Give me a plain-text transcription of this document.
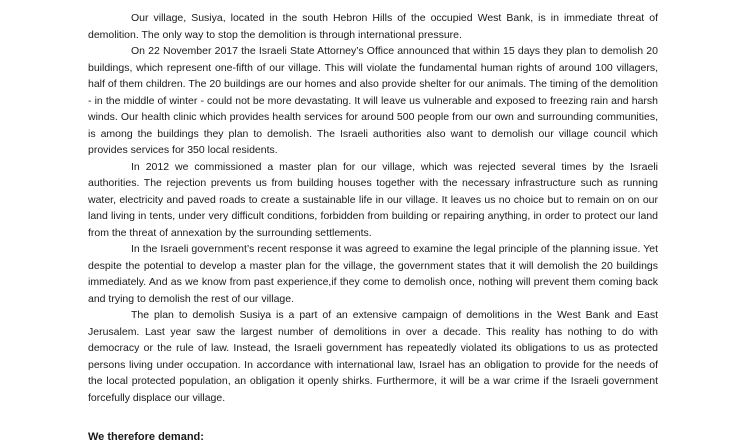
Our village, Susiya, located in the south Hebron Hills of the occupied West Bank, is in immediate threat of demolition. The only way to stop the demolition is through international pressure.

On 22 November 2017 the Israeli State Attorney’s Office announced that within 15 days they plan to demolish 20 buildings, which represent one-fifth of our village. This will violate the fundamental human rights of around 100 villagers, half of them children. The 20 buildings are our homes and also provide shelter for our animals. The timing of the demolition - in the middle of winter - could not be more devastating. It will leave us vulnerable and exposed to freezing rain and harsh winds. Our health clinic which provides health services for around 500 people from our own and surrounding communities, is among the buildings they plan to demolish. The Israeli authorities also want to demolish our village council which provides services for 350 local residents.

In 2012 we commissioned a master plan for our village, which was rejected several times by the Israeli authorities. The rejection prevents us from building houses together with the necessary infrastructure such as running water, electricity and paved roads to create a sustainable life in our village. It leaves us no choice but to remain on on our land living in tents, under very difficult conditions, forbidden from building or repairing anything, in order to protect our land from the threat of annexation by the surrounding settlements.

In the Israeli government’s recent response it was agreed to examine the legal principle of the planning issue. Yet despite the potential to develop a master plan for the village, the government states that it will demolish the 20 buildings immediately. And as we know from past experience,if they come to demolish once, nothing will prevent them coming back and trying to demolish the rest of our village.

The plan to demolish Susiya is a part of an extensive campaign of demolitions in the West Bank and East Jerusalem. Last year saw the largest number of demolitions in over a decade. This reality has nothing to do with democracy or the rule of law. Instead, the Israeli government has repeatedly violated its obligations to us as protected persons living under occupation. In accordance with international law, Israel has an obligation to provide for the needs of the local protected population, an obligation it openly shirks. Furthermore, it will be a war crime if the Israeli government forcefully displace our village.

We therefore demand:
